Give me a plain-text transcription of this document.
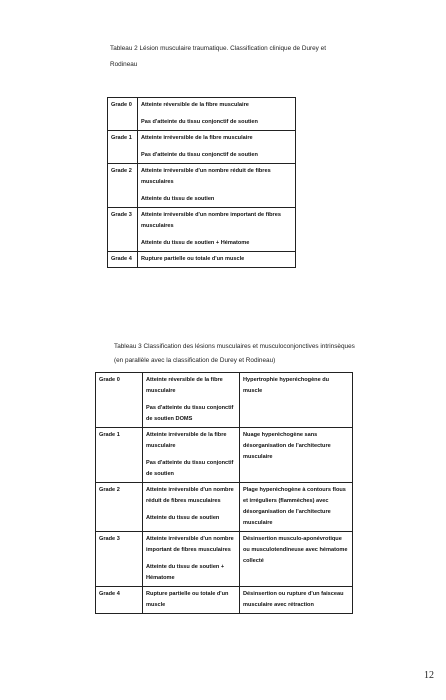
Tableau 2 Lésion musculaire traumatique. Classification clinique de Durey et
Rodineau
Grade 0	Atteinte réversible de la fibre musculaire

Pas d'atteinte du tissu conjonctif de soutien

Grade 1	Atteinte irréversible de la fibre musculaire

Pas d'atteinte du tissu conjonctif de soutien

Grade 2	Atteinte irréversible d'un nombre réduit de fibres musculaires

Atteinte du tissu de soutien

Grade 3	Atteinte irréversible d'un nombre important de fibres musculaires

Atteinte du tissu de soutien + Hématome

Grade 4	Rupture partielle ou totale d'un muscle

Tableau 3 Classification des lésions musculaires et musculoconjonctives intrinsèques
(en parallèle avec la classification de Durey et Rodineau)
Grade 0	Atteinte réversible de la fibre musculaire

Pas d'atteinte du tissu conjonctif de soutien DOMS	Hypertrophie hyperéchogène du muscle
Grade 1	Atteinte irréversible de la fibre musculaire

Pas d'atteinte du tissu conjonctif de soutien	Nuage hyperéchogène sans désorganisation de l'architecture musculaire
Grade 2	Atteinte irréversible d'un nombre réduit de fibres musculaires

Atteinte du tissu de soutien	Plage hyperéchogène à contours flous et irréguliers (flammèches) avec désorganisation de l'architecture musculaire
Grade 3	Atteinte irréversible d'un nombre important de fibres musculaires

Atteinte du tissu de soutien + Hématome	Désinsertion musculo-aponévrotique ou musculotendineuse avec hématome collecté
Grade 4	Rupture partielle ou totale d'un muscle	Désinsertion ou rupture d'un faisceau musculaire avec rétraction
12
